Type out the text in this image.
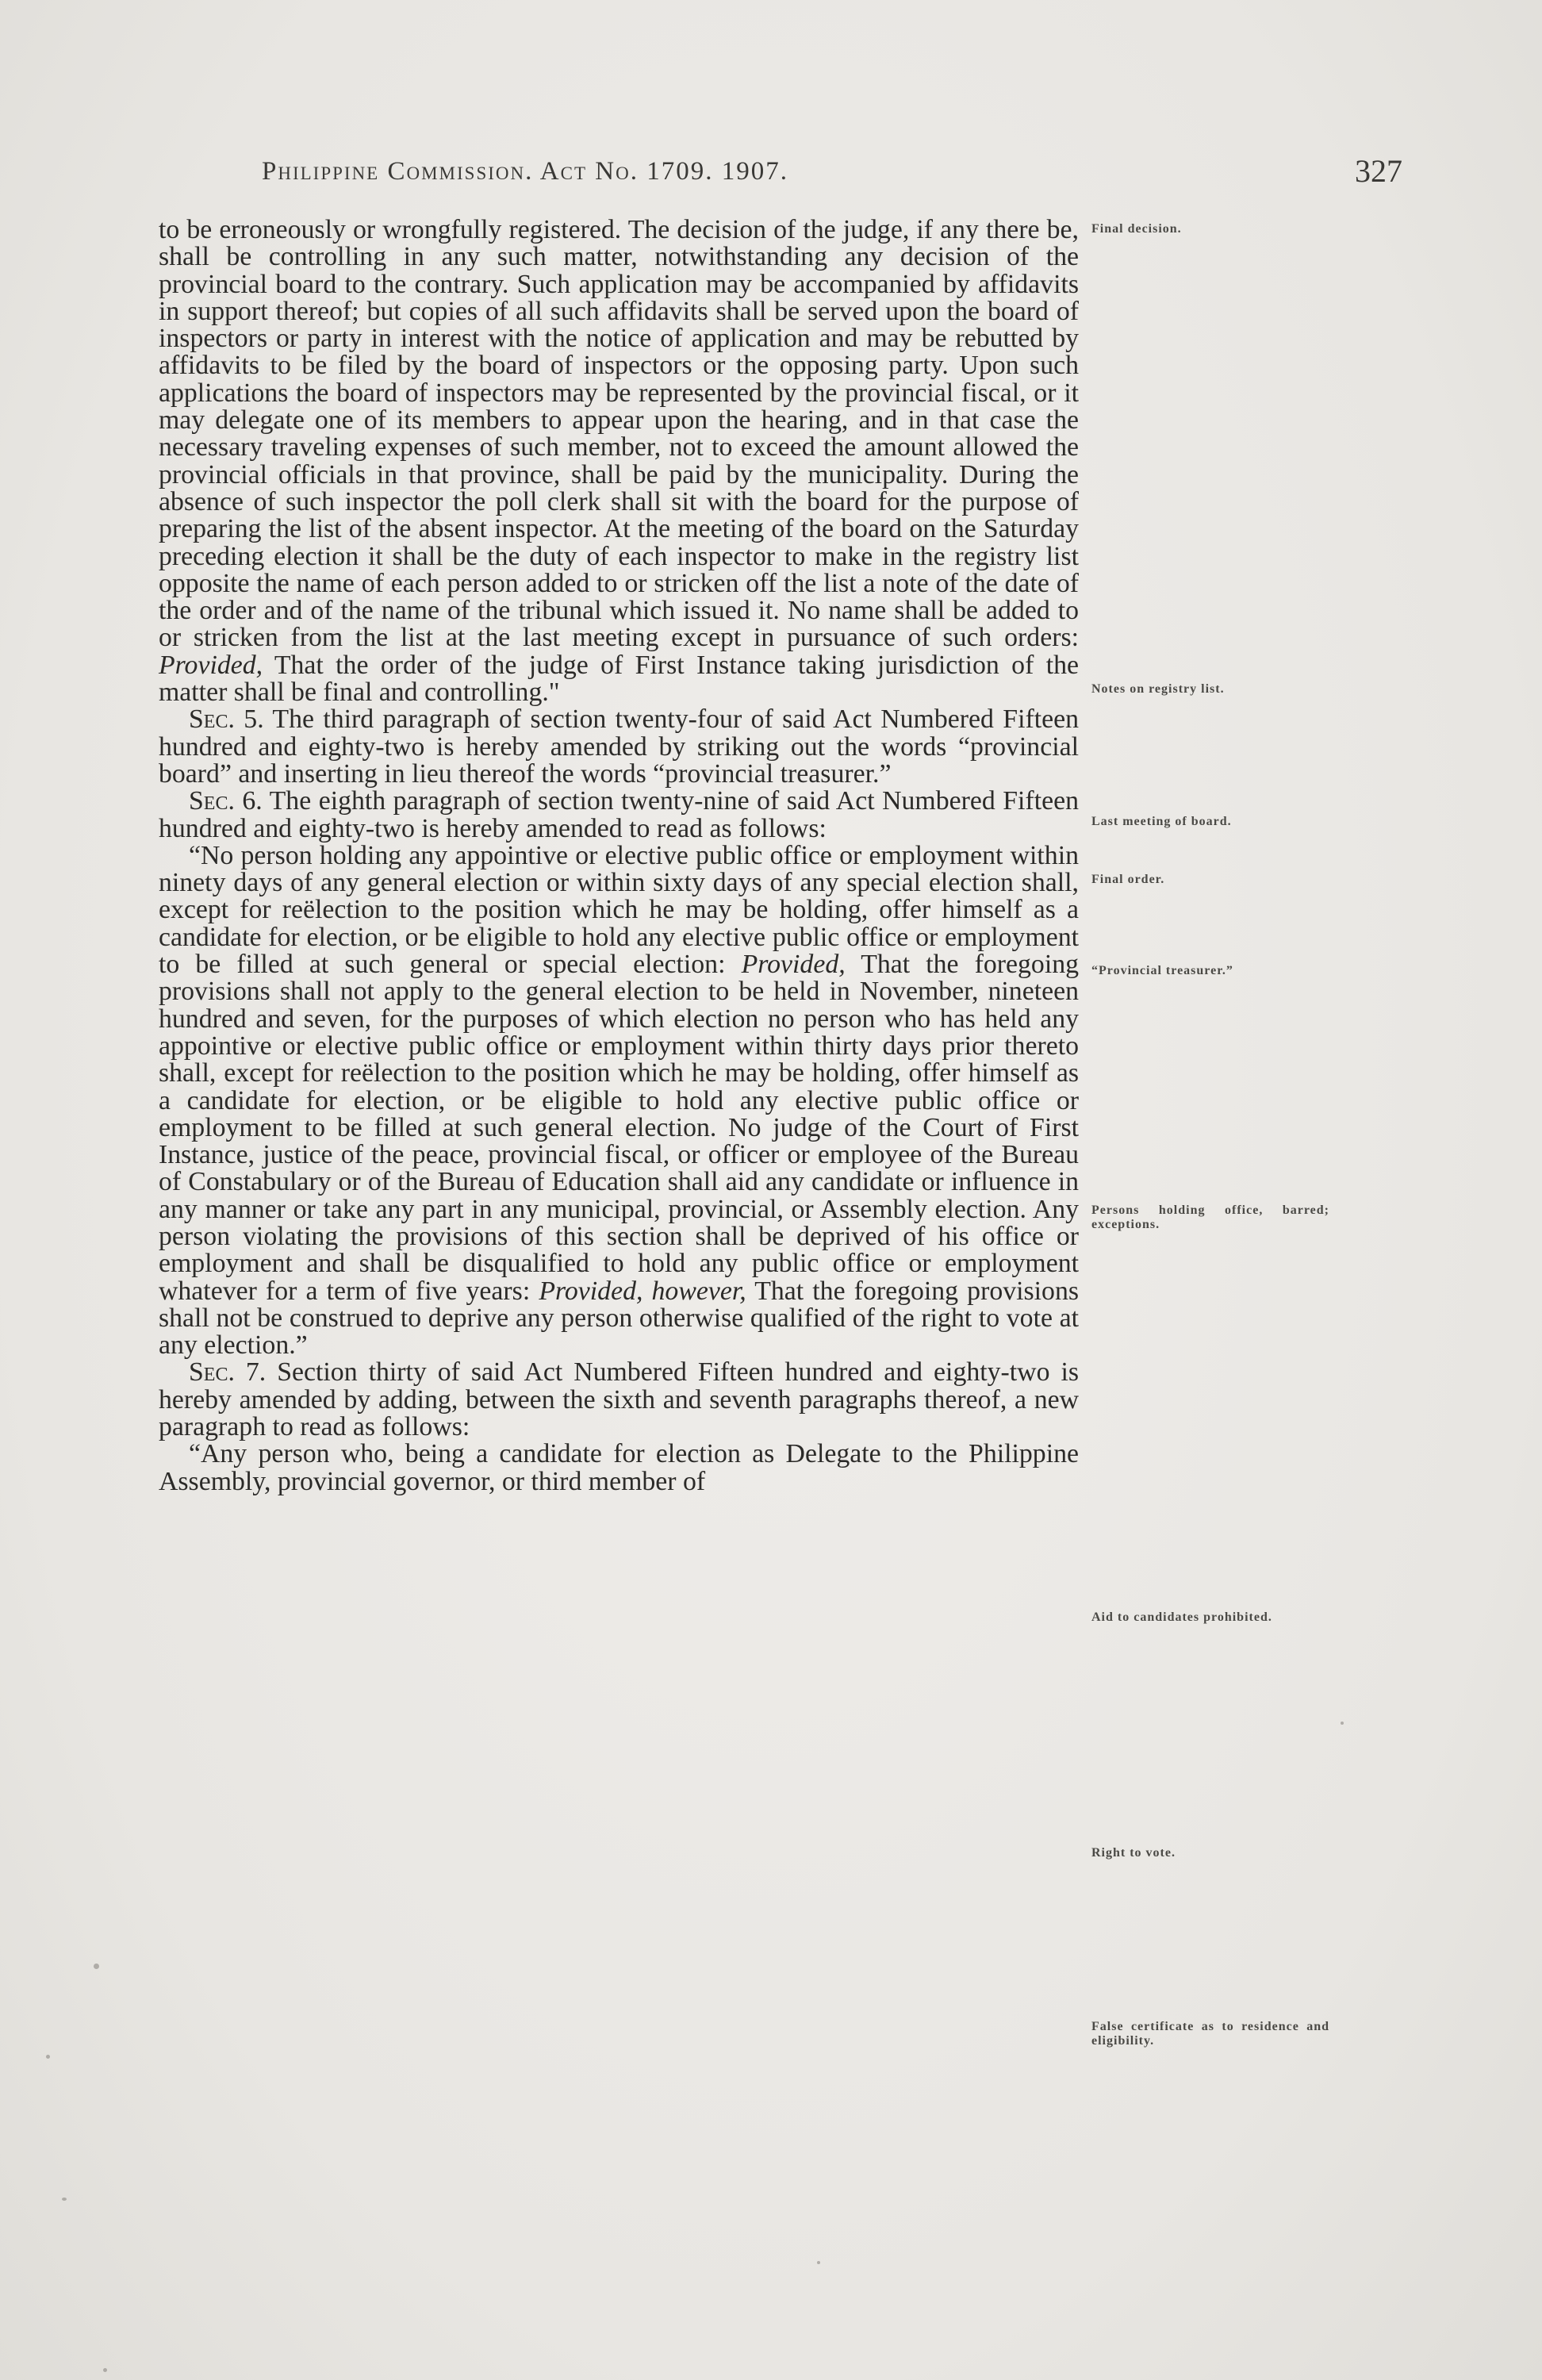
Philippine Commission. Act No. 1709. 1907.	327

to be erroneously or wrongfully registered. The decision of the judge, if any there be, shall be controlling in any such matter, notwithstanding any decision of the provincial board to the contrary. Such application may be accompanied by affidavits in support thereof; but copies of all such affidavits shall be served upon the board of inspectors or party in interest with the notice of application and may be rebutted by affidavits to be filed by the board of inspectors or the opposing party. Upon such applications the board of inspectors may be represented by the provincial fiscal, or it may delegate one of its members to appear upon the hearing, and in that case the necessary traveling expenses of such member, not to exceed the amount allowed the provincial officials in that province, shall be paid by the municipality. During the absence of such inspector the poll clerk shall sit with the board for the purpose of preparing the list of the absent inspector. At the meeting of the board on the Saturday preceding election it shall be the duty of each inspector to make in the registry list opposite the name of each person added to or stricken off the list a note of the date of the order and of the name of the tribunal which issued it. No name shall be added to or stricken from the list at the last meeting except in pursuance of such orders: Provided, That the order of the judge of First Instance taking jurisdiction of the matter shall be final and controlling."

Sec. 5. The third paragraph of section twenty-four of said Act Numbered Fifteen hundred and eighty-two is hereby amended by striking out the words “provincial board” and inserting in lieu thereof the words “provincial treasurer.”

Sec. 6. The eighth paragraph of section twenty-nine of said Act Numbered Fifteen hundred and eighty-two is hereby amended to read as follows:

“No person holding any appointive or elective public office or employment within ninety days of any general election or within sixty days of any special election shall, except for reëlection to the position which he may be holding, offer himself as a candidate for election, or be eligible to hold any elective public office or employment to be filled at such general or special election: Provided, That the foregoing provisions shall not apply to the general election to be held in November, nineteen hundred and seven, for the purposes of which election no person who has held any appointive or elective public office or employment within thirty days prior thereto shall, except for reëlection to the position which he may be holding, offer himself as a candidate for election, or be eligible to hold any elective public office or employment to be filled at such general election. No judge of the Court of First Instance, justice of the peace, provincial fiscal, or officer or employee of the Bureau of Constabulary or of the Bureau of Education shall aid any candidate or influence in any manner or take any part in any municipal, provincial, or Assembly election. Any person violating the provisions of this section shall be deprived of his office or employment and shall be disqualified to hold any public office or employment whatever for a term of five years: Provided, however, That the foregoing provisions shall not be construed to deprive any person otherwise qualified of the right to vote at any election.”

Sec. 7. Section thirty of said Act Numbered Fifteen hundred and eighty-two is hereby amended by adding, between the sixth and seventh paragraphs thereof, a new paragraph to read as follows:

“Any person who, being a candidate for election as Delegate to the Philippine Assembly, provincial governor, or third member of

Final decision.
Notes on registry list.
Last meeting of board.
Final order.
“Provincial treasurer.”
Persons holding office, barred; exceptions.
Aid to candidates prohibited.
Right to vote.
False certificate as to residence and eligibility.
